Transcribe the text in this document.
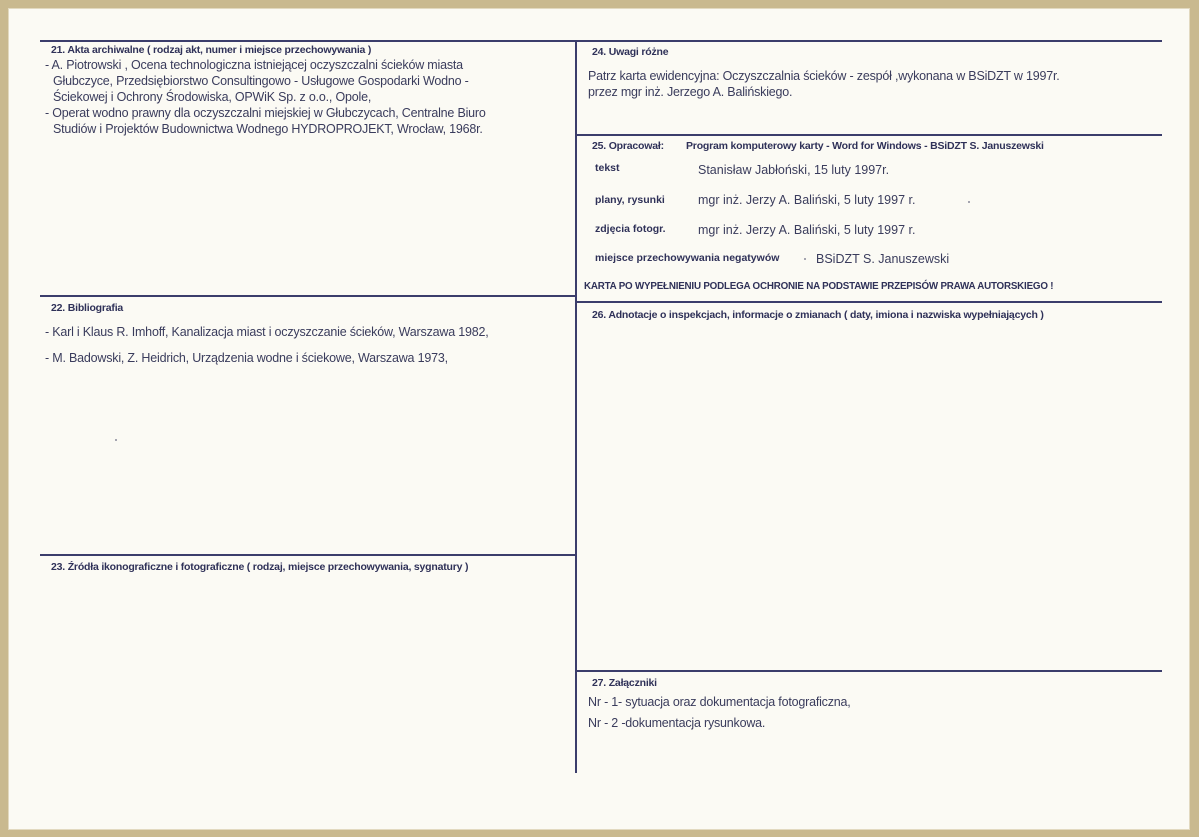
21. Akta archiwalne ( rodzaj akt, numer i miejsce przechowywania )
- A. Piotrowski , Ocena technologiczna istniejącej oczyszczalni ścieków miasta
Głubczyce, Przedsiębiorstwo Consultingowo - Usługowe Gospodarki Wodno -
Ściekowej i Ochrony Środowiska, OPWiK Sp. z o.o., Opole,
- Operat wodno prawny dla oczyszczalni miejskiej w Głubczycach, Centralne Biuro
Studiów i Projektów Budownictwa Wodnego HYDROPROJEKT, Wrocław, 1968r.
22. Bibliografia
- Karl i Klaus R. Imhoff, Kanalizacja miast i oczyszczanie ścieków, Warszawa 1982,
- M. Badowski, Z. Heidrich, Urządzenia wodne i ściekowe, Warszawa 1973,
23. Źródła ikonograficzne i fotograficzne ( rodzaj, miejsce przechowywania, sygnatury )
24. Uwagi różne
Patrz karta ewidencyjna: Oczyszczalnia ścieków - zespół ,wykonana w BSiDZT w 1997r.
przez mgr inż. Jerzego A. Balińskiego.
25. Opracował: Program komputerowy karty - Word for Windows - BSiDZT S. Januszewski
tekst	Stanisław Jabłoński, 15 luty 1997r.
plany, rysunki	mgr inż. Jerzy A. Baliński, 5 luty 1997 r.
zdjęcia fotogr.	mgr inż. Jerzy A. Baliński, 5 luty 1997 r.
miejsce przechowywania negatywów	BSiDZT S. Januszewski
KARTA PO WYPEŁNIENIU PODLEGA OCHRONIE NA PODSTAWIE PRZEPISÓW PRAWA AUTORSKIEGO !
26. Adnotacje o inspekcjach, informacje o zmianach ( daty, imiona i nazwiska wypełniających )
27. Załączniki
Nr - 1- sytuacja oraz dokumentacja fotograficzna,
Nr - 2 -dokumentacja rysunkowa.
